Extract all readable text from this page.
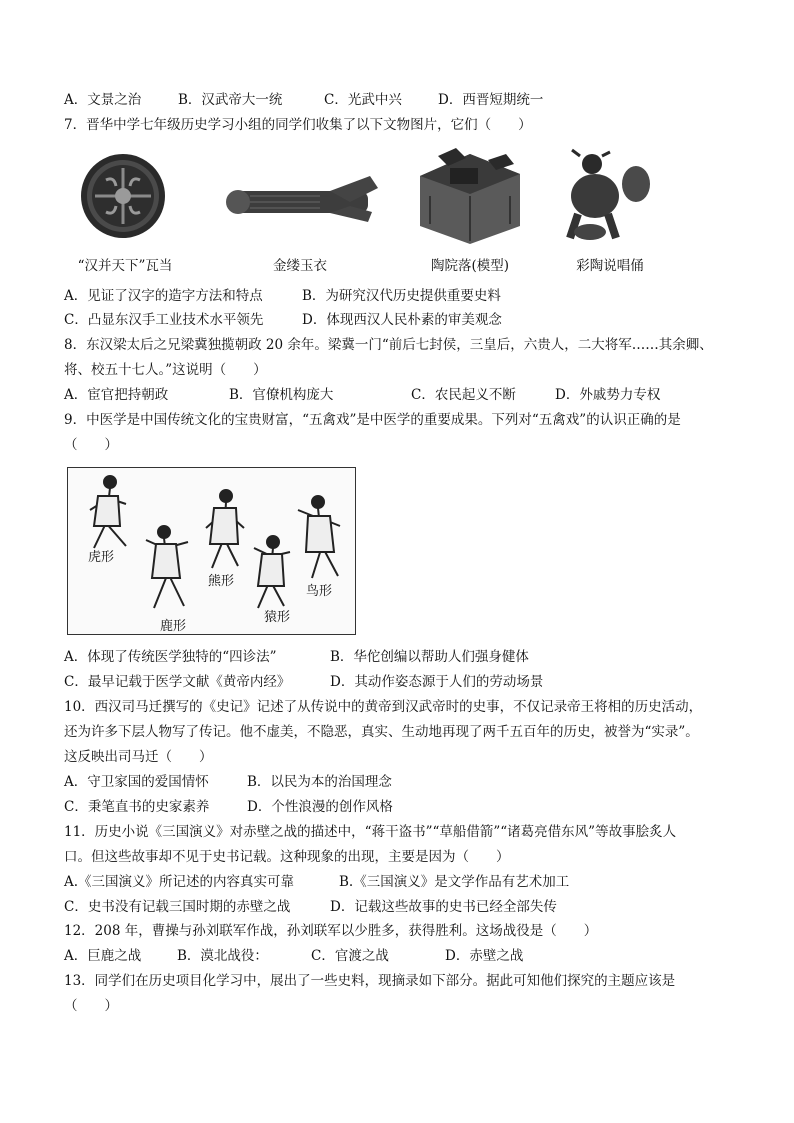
A．文景之治	B．汉武帝大一统	C．光武中兴	D．西晋短期统一
7．晋华中学七年级历史学习小组的同学们收集了以下文物图片，它们（　　）
“汉并天下”瓦当	金缕玉衣	陶院落(模型)	彩陶说唱俑
A．见证了汉字的造字方法和特点	B．为研究汉代历史提供重要史料
C．凸显东汉手工业技术水平领先	D．体现西汉人民朴素的审美观念
8．东汉梁太后之兄梁冀独揽朝政 20 余年。梁冀一门“前后七封侯，三皇后，六贵人，二大将军……其余卿、
将、校五十七人。”这说明（　　）
A．宦官把持朝政	B．官僚机构庞大	C．农民起义不断	D．外戚势力专权
9．中医学是中国传统文化的宝贵财富，“五禽戏”是中医学的重要成果。下列对“五禽戏”的认识正确的是
（　　）
虎形
鹿形
熊形
猿形
鸟形
A．体现了传统医学独特的“四诊法”	B．华佗创编以帮助人们强身健体
C．最早记载于医学文献《黄帝内经》	D．其动作姿态源于人们的劳动场景
10．西汉司马迁撰写的《史记》记述了从传说中的黄帝到汉武帝时的史事，不仅记录帝王将相的历史活动，
还为许多下层人物写了传记。他不虚美，不隐恶，真实、生动地再现了两千五百年的历史，被誉为“实录”。
这反映出司马迁（　　）
A．守卫家国的爱国情怀	B．以民为本的治国理念
C．秉笔直书的史家素养	D．个性浪漫的创作风格
11．历史小说《三国演义》对赤壁之战的描述中，“蒋干盗书”“草船借箭”“诸葛亮借东风”等故事脍炙人
口。但这些故事却不见于史书记载。这种现象的出现，主要是因为（　　）
A.《三国演义》所记述的内容真实可靠	B.《三国演义》是文学作品有艺术加工
C．史书没有记载三国时期的赤壁之战	D．记载这些故事的史书已经全部失传
12．208 年，曹操与孙刘联军作战，孙刘联军以少胜多，获得胜利。这场战役是（　　）
A．巨鹿之战	B．漠北战役：	C．官渡之战	D．赤壁之战
13．同学们在历史项目化学习中，展出了一些史料，现摘录如下部分。据此可知他们探究的主题应该是
（　　）
